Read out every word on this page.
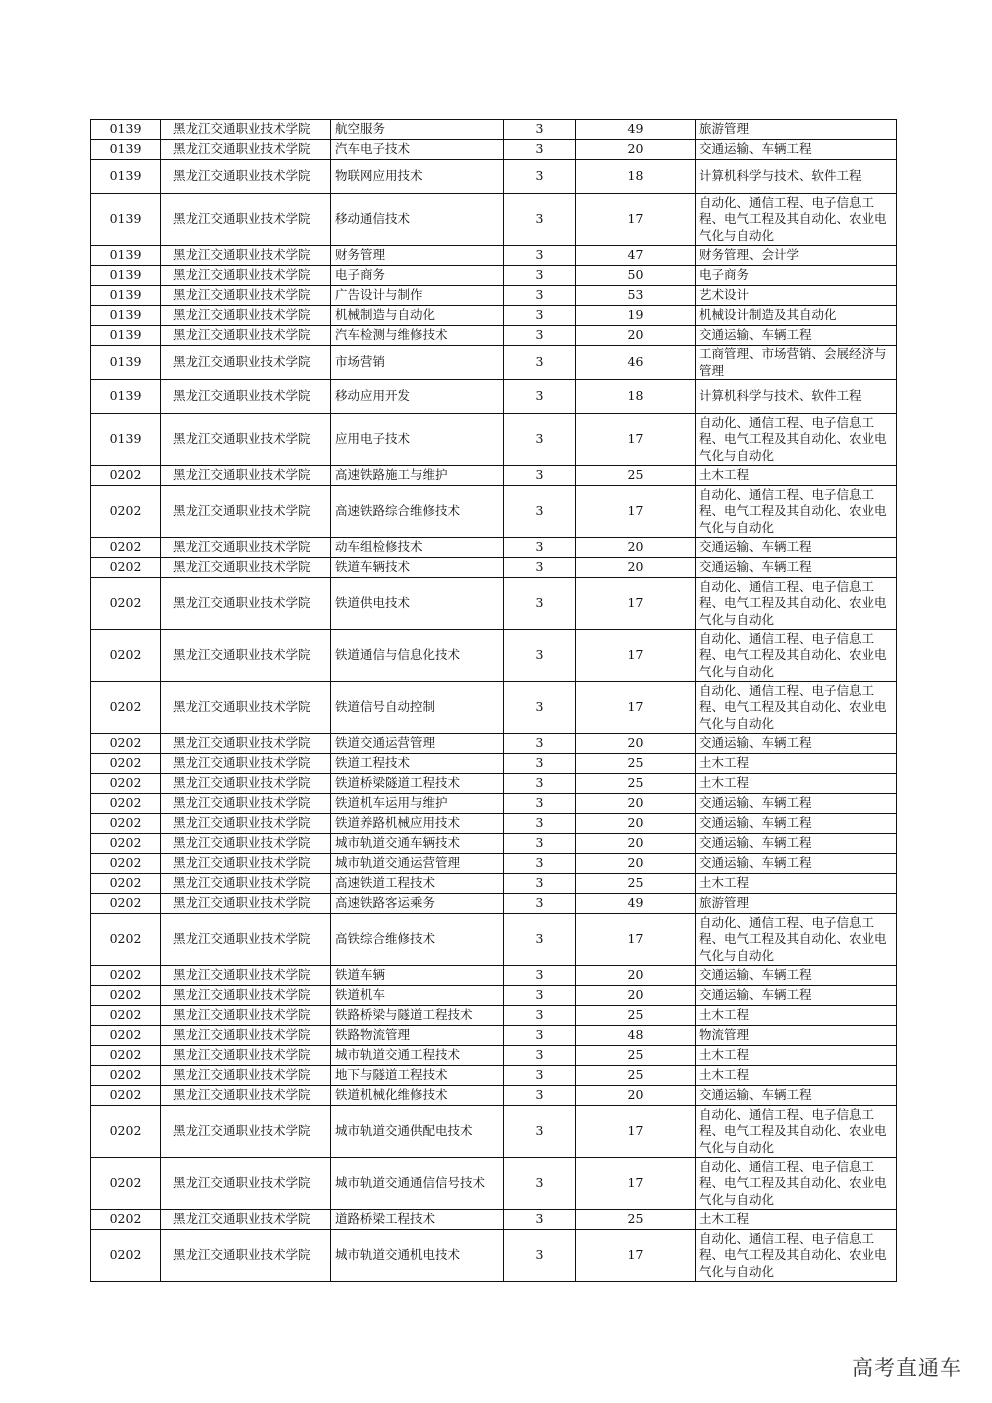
0139	黑龙江交通职业技术学院	航空服务	3	49	旅游管理
0139	黑龙江交通职业技术学院	汽车电子技术	3	20	交通运输、车辆工程
0139	黑龙江交通职业技术学院	物联网应用技术	3	18	计算机科学与技术、软件工程
0139	黑龙江交通职业技术学院	移动通信技术	3	17	自动化、通信工程、电子信息工程、电气工程及其自动化、农业电气化与自动化
0139	黑龙江交通职业技术学院	财务管理	3	47	财务管理、会计学
0139	黑龙江交通职业技术学院	电子商务	3	50	电子商务
0139	黑龙江交通职业技术学院	广告设计与制作	3	53	艺术设计
0139	黑龙江交通职业技术学院	机械制造与自动化	3	19	机械设计制造及其自动化
0139	黑龙江交通职业技术学院	汽车检测与维修技术	3	20	交通运输、车辆工程
0139	黑龙江交通职业技术学院	市场营销	3	46	工商管理、市场营销、会展经济与管理
0139	黑龙江交通职业技术学院	移动应用开发	3	18	计算机科学与技术、软件工程
0139	黑龙江交通职业技术学院	应用电子技术	3	17	自动化、通信工程、电子信息工程、电气工程及其自动化、农业电气化与自动化
0202	黑龙江交通职业技术学院	高速铁路施工与维护	3	25	土木工程
0202	黑龙江交通职业技术学院	高速铁路综合维修技术	3	17	自动化、通信工程、电子信息工程、电气工程及其自动化、农业电气化与自动化
0202	黑龙江交通职业技术学院	动车组检修技术	3	20	交通运输、车辆工程
0202	黑龙江交通职业技术学院	铁道车辆技术	3	20	交通运输、车辆工程
0202	黑龙江交通职业技术学院	铁道供电技术	3	17	自动化、通信工程、电子信息工程、电气工程及其自动化、农业电气化与自动化
0202	黑龙江交通职业技术学院	铁道通信与信息化技术	3	17	自动化、通信工程、电子信息工程、电气工程及其自动化、农业电气化与自动化
0202	黑龙江交通职业技术学院	铁道信号自动控制	3	17	自动化、通信工程、电子信息工程、电气工程及其自动化、农业电气化与自动化
0202	黑龙江交通职业技术学院	铁道交通运营管理	3	20	交通运输、车辆工程
0202	黑龙江交通职业技术学院	铁道工程技术	3	25	土木工程
0202	黑龙江交通职业技术学院	铁道桥梁隧道工程技术	3	25	土木工程
0202	黑龙江交通职业技术学院	铁道机车运用与维护	3	20	交通运输、车辆工程
0202	黑龙江交通职业技术学院	铁道养路机械应用技术	3	20	交通运输、车辆工程
0202	黑龙江交通职业技术学院	城市轨道交通车辆技术	3	20	交通运输、车辆工程
0202	黑龙江交通职业技术学院	城市轨道交通运营管理	3	20	交通运输、车辆工程
0202	黑龙江交通职业技术学院	高速铁道工程技术	3	25	土木工程
0202	黑龙江交通职业技术学院	高速铁路客运乘务	3	49	旅游管理
0202	黑龙江交通职业技术学院	高铁综合维修技术	3	17	自动化、通信工程、电子信息工程、电气工程及其自动化、农业电气化与自动化
0202	黑龙江交通职业技术学院	铁道车辆	3	20	交通运输、车辆工程
0202	黑龙江交通职业技术学院	铁道机车	3	20	交通运输、车辆工程
0202	黑龙江交通职业技术学院	铁路桥梁与隧道工程技术	3	25	土木工程
0202	黑龙江交通职业技术学院	铁路物流管理	3	48	物流管理
0202	黑龙江交通职业技术学院	城市轨道交通工程技术	3	25	土木工程
0202	黑龙江交通职业技术学院	地下与隧道工程技术	3	25	土木工程
0202	黑龙江交通职业技术学院	铁道机械化维修技术	3	20	交通运输、车辆工程
0202	黑龙江交通职业技术学院	城市轨道交通供配电技术	3	17	自动化、通信工程、电子信息工程、电气工程及其自动化、农业电气化与自动化
0202	黑龙江交通职业技术学院	城市轨道交通通信信号技术	3	17	自动化、通信工程、电子信息工程、电气工程及其自动化、农业电气化与自动化
0202	黑龙江交通职业技术学院	道路桥梁工程技术	3	25	土木工程
0202	黑龙江交通职业技术学院	城市轨道交通机电技术	3	17	自动化、通信工程、电子信息工程、电气工程及其自动化、农业电气化与自动化
高考直通车
